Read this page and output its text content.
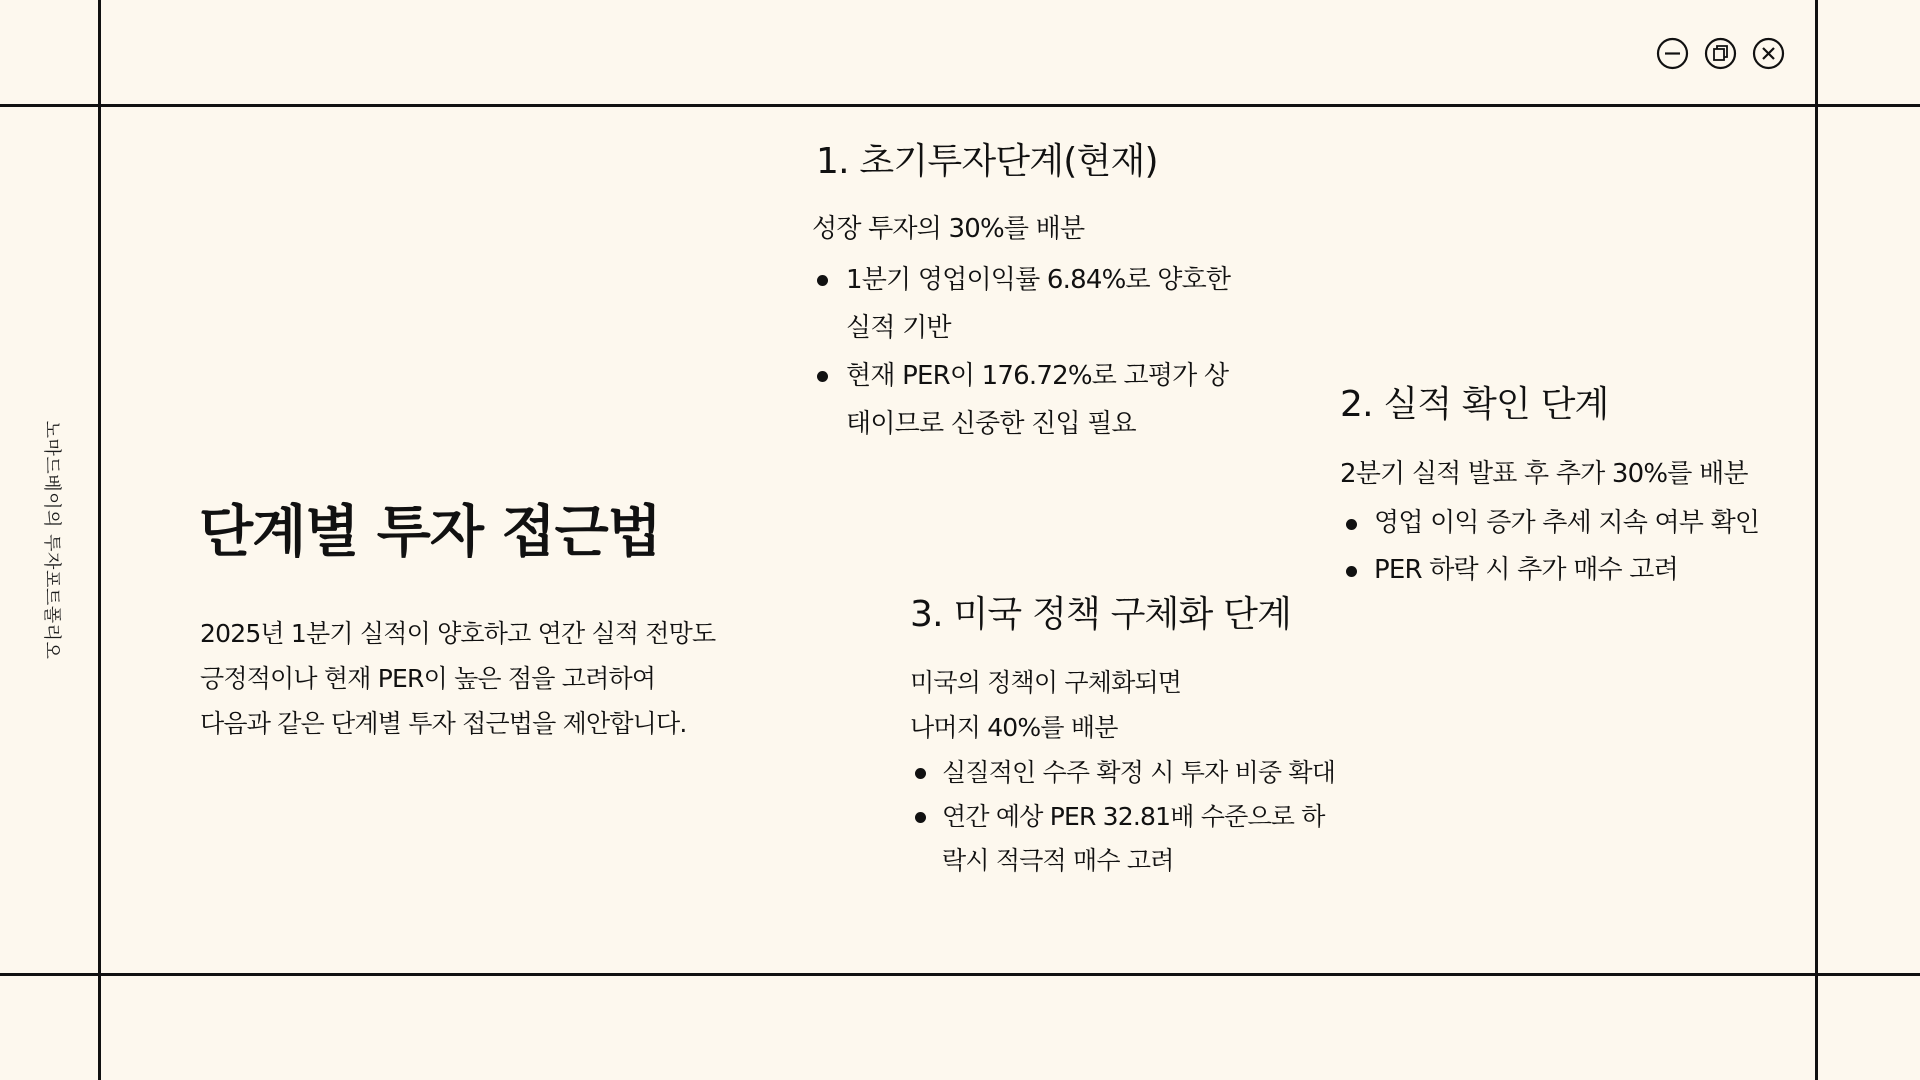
노마드베이의 투자포트폴리오 단계별 투자 접근법

2025년 1분기 실적이 양호하고 연간 실적 전망도
긍정적이나 현재 PER이 높은 점을 고려하여
다음과 같은 단계별 투자 접근법을 제안합니다.

1. 초기투자단계(현재)
성장 투자의 30%를 배분
1분기 영업이익률 6.84%로 양호한 실적 기반
현재 PER이 176.72%로 고평가 상태이므로 신중한 진입 필요	2. 실적 확인 단계
2분기 실적 발표 후 추가 30%를 배분
영업 이익 증가 추세 지속 여부 확인
PER 하락 시 추가 매수 고려
3. 미국 정책 구체화 단계
미국의 정책이 구체화되면
나머지 40%를 배분
실질적인 수주 확정 시 투자 비중 확대
연간 예상 PER 32.81배 수준으로 하락시 적극적 매수 고려
